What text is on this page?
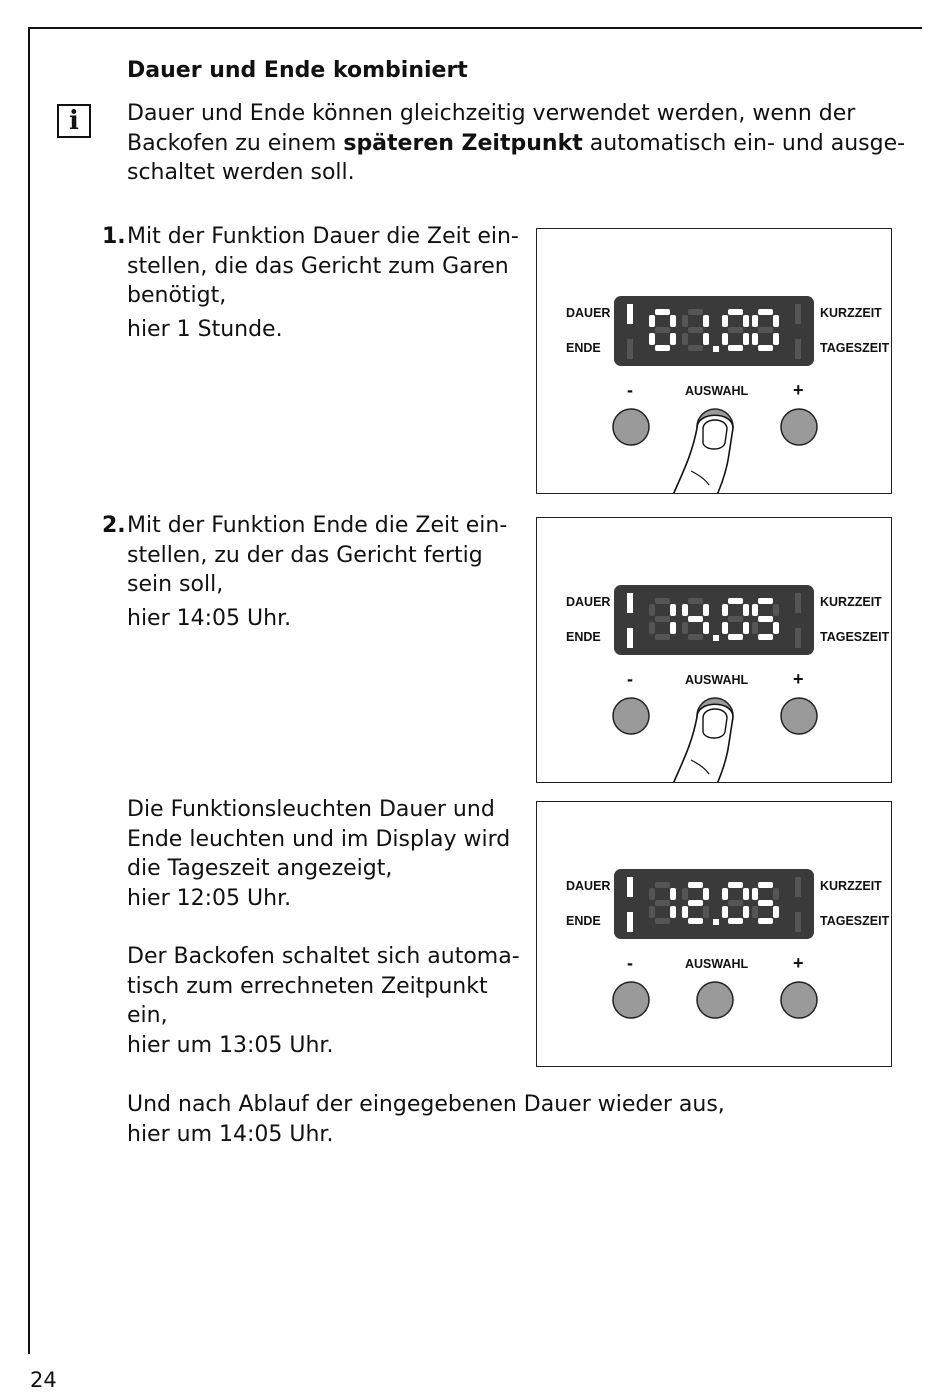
Dauer und Ende kombiniert
i	Dauer und Ende können gleichzeitig verwendet werden, wenn der
Backofen zu einem späteren Zeitpunkt automatisch ein- und ausge-
schaltet werden soll.
1. Mit der Funktion Dauer die Zeit ein-
stellen, die das Gericht zum Garen
benötigt,
hier 1 Stunde.
2. Mit der Funktion Ende die Zeit ein-
stellen, zu der das Gericht fertig
sein soll,
hier 14:05 Uhr.
Die Funktionsleuchten Dauer und
Ende leuchten und im Display wird
die Tageszeit angezeigt,
hier 12:05 Uhr.
Der Backofen schaltet sich automa-
tisch zum errechneten Zeitpunkt
ein,
hier um 13:05 Uhr.
Und nach Ablauf der eingegebenen Dauer wieder aus,
hier um 14:05 Uhr.
24
DAUER
ENDE
KURZZEIT
TAGESZEIT
AUSWAHL
-	+
DAUER
ENDE
KURZZEIT
TAGESZEIT
AUSWAHL
-	+
DAUER
ENDE
KURZZEIT
TAGESZEIT
AUSWAHL
-	+
